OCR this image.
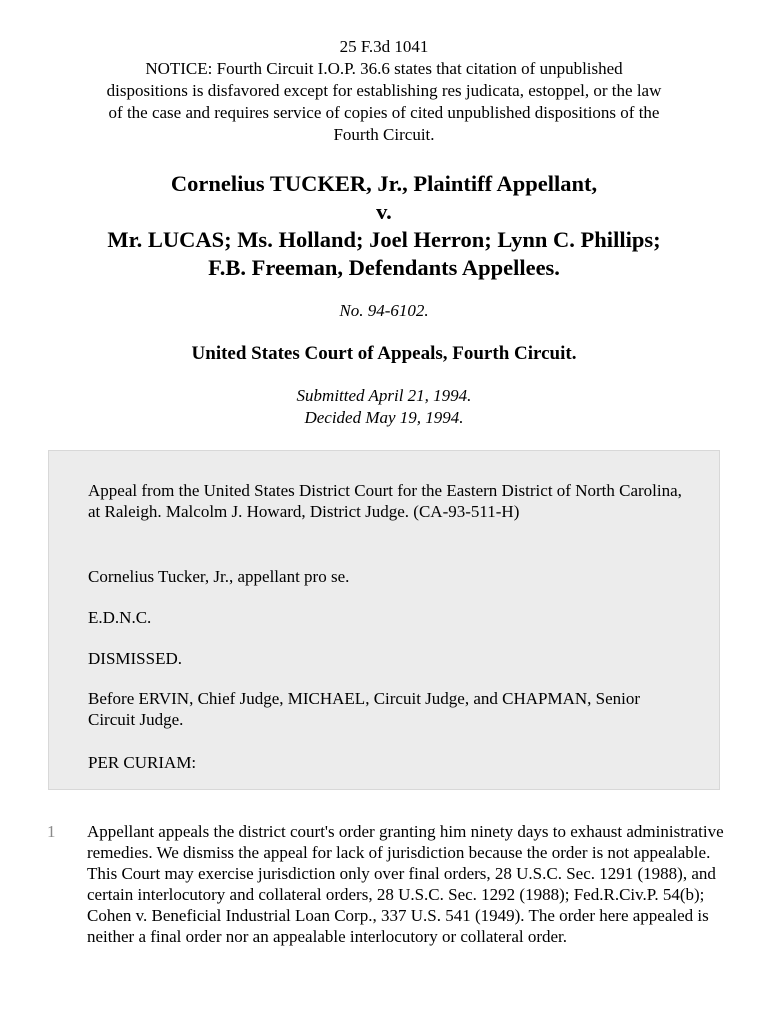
25 F.3d 1041
NOTICE: Fourth Circuit I.O.P. 36.6 states that citation of unpublished
dispositions is disfavored except for establishing res judicata, estoppel, or the law
of the case and requires service of copies of cited unpublished dispositions of the
Fourth Circuit.
Cornelius TUCKER, Jr., Plaintiff Appellant,
v.
Mr. LUCAS; Ms. Holland; Joel Herron; Lynn C. Phillips;
F.B. Freeman, Defendants Appellees.
No. 94-6102.
United States Court of Appeals, Fourth Circuit.
Submitted April 21, 1994.
Decided May 19, 1994.

Appeal from the United States District Court for the Eastern District of North Carolina, at Raleigh. Malcolm J. Howard, District Judge. (CA-93-511-H)

Cornelius Tucker, Jr., appellant pro se.

E.D.N.C.

DISMISSED.

Before ERVIN, Chief Judge, MICHAEL, Circuit Judge, and CHAPMAN, Senior Circuit Judge.

PER CURIAM:

1 Appellant appeals the district court's order granting him ninety days to exhaust administrative remedies. We dismiss the appeal for lack of jurisdiction because the order is not appealable. This Court may exercise jurisdiction only over final orders, 28 U.S.C. Sec. 1291 (1988), and certain interlocutory and collateral orders, 28 U.S.C. Sec. 1292 (1988); Fed.R.Civ.P. 54(b); Cohen v. Beneficial Industrial Loan Corp., 337 U.S. 541 (1949). The order here appealed is neither a final order nor an appealable interlocutory or collateral order.
